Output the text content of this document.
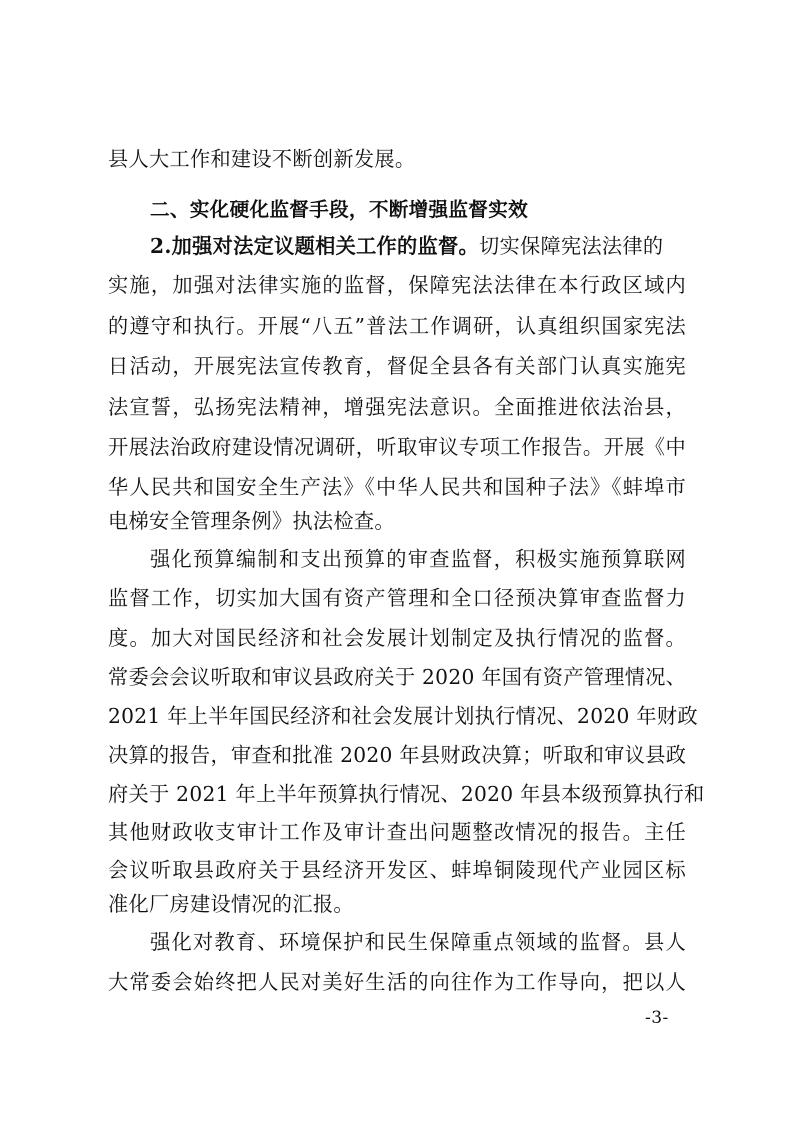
县人大工作和建设不断创新发展。
二、实化硬化监督手段，不断增强监督实效
2.加强对法定议题相关工作的监督。切实保障宪法法律的
实施，加强对法律实施的监督，保障宪法法律在本行政区域内
的遵守和执行。开展“八五”普法工作调研，认真组织国家宪法
日活动，开展宪法宣传教育，督促全县各有关部门认真实施宪
法宣誓，弘扬宪法精神，增强宪法意识。全面推进依法治县，
开展法治政府建设情况调研，听取审议专项工作报告。开展《中
华人民共和国安全生产法》《中华人民共和国种子法》《蚌埠市
电梯安全管理条例》执法检查。
强化预算编制和支出预算的审查监督，积极实施预算联网
监督工作，切实加大国有资产管理和全口径预决算审查监督力
度。加大对国民经济和社会发展计划制定及执行情况的监督。
常委会会议听取和审议县政府关于 2020 年国有资产管理情况、
2021 年上半年国民经济和社会发展计划执行情况、2020 年财政
决算的报告，审查和批准 2020 年县财政决算；听取和审议县政
府关于 2021 年上半年预算执行情况、2020 年县本级预算执行和
其他财政收支审计工作及审计查出问题整改情况的报告。主任
会议听取县政府关于县经济开发区、蚌埠铜陵现代产业园区标
准化厂房建设情况的汇报。
强化对教育、环境保护和民生保障重点领域的监督。县人
大常委会始终把人民对美好生活的向往作为工作导向，把以人
-3-
